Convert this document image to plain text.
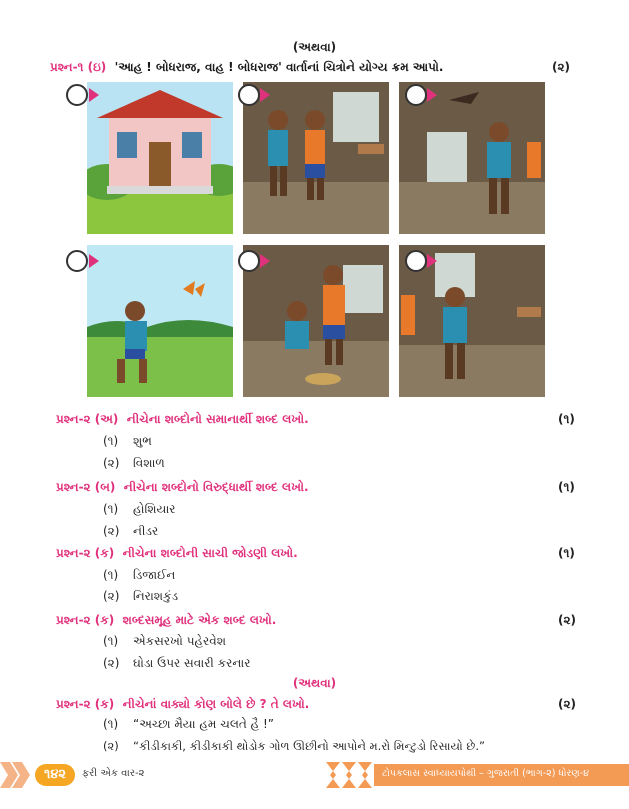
(અથવા)
પ્રશ્ન-૧ (ઇ) 'આહ ! બોધરાજ, વાહ ! બોધરાજ' વાર્તાનાં ચિત્રોને યોગ્ય ક્રમ આપો.	(૨)
પ્રશ્ન-૨ (અ) નીચેના શબ્દોનો સમાનાર્થી શબ્દ લખો.	(૧)
(૧) શુભ
(૨) વિશાળ
પ્રશ્ન-૨ (બ) નીચેના શબ્દોનો વિરુદ્ધાર્થી શબ્દ લખો.	(૧)
(૧) હોશિયાર
(૨) નીડર
પ્રશ્ન-૨ (ક) નીચેના શબ્દોની સાચી જોડણી લખો.	(૧)
(૧) ડિજાઈન
(૨) નિરાશકુંડ
પ્રશ્ન-૨ (ક) શબ્દસમૂહ માટે એક શબ્દ લખો.	(૨)
(૧) એકસરખો પહેરવેશ
(૨) ઘોડા ઉપર સવારી કરનાર
(અથવા)
પ્રશ્ન-૨ (ક) નીચેનાં વાક્યો કોણ બોલે છે ? તે લખો.	(૨)
(૧) “અચ્છા મૈયા હમ ચલતે હૈ !”
(૨) “કીડીકાકી, કીડીકાકી થોડોક ગોળ ઊછીનો આપોને મ.રો મિન્ટુડો રિસાયો છે.”
૧૪૨	ફરી એક વાર-૨	ટોપકલાસ સ્વાધ્યાયપોથી – ગુજરાતી (ભાગ-૨) ધોરણ-૪
